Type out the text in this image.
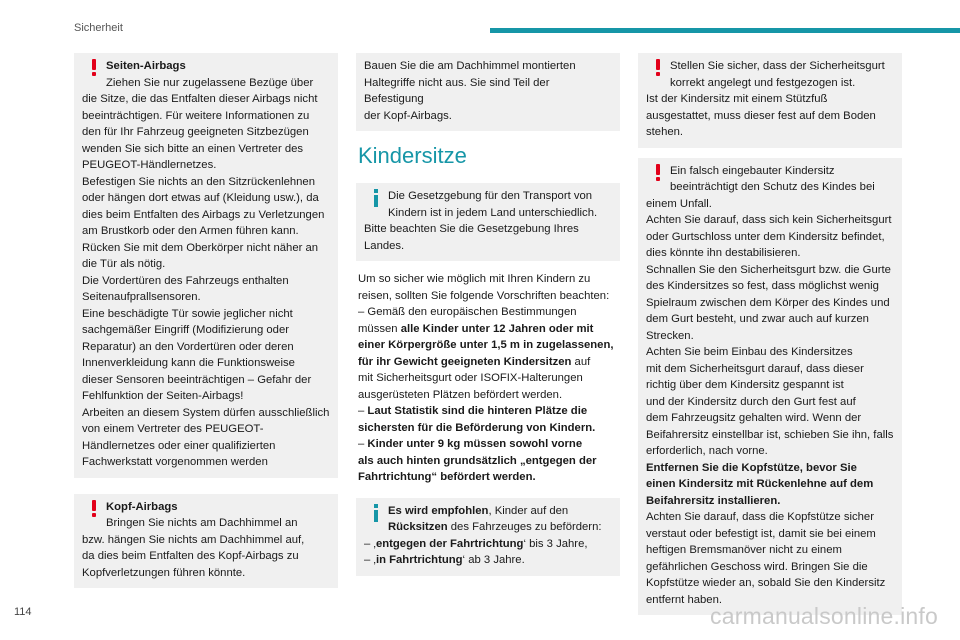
Sicherheit
Seiten-Airbags
Ziehen Sie nur zugelassene Bezüge über
die Sitze, die das Entfalten dieser Airbags nicht
beeinträchtigen. Für weitere Informationen zu
den für Ihr Fahrzeug geeigneten Sitzbezügen
wenden Sie sich bitte an einen Vertreter des
PEUGEOT-Händlernetzes.
Befestigen Sie nichts an den Sitzrückenlehnen
oder hängen dort etwas auf (Kleidung usw.), da
dies beim Entfalten des Airbags zu Verletzungen
am Brustkorb oder den Armen führen kann.
Rücken Sie mit dem Oberkörper nicht näher an
die Tür als nötig.
Die Vordertüren des Fahrzeugs enthalten
Seitenaufprallsensoren.
Eine beschädigte Tür sowie jeglicher nicht
sachgemäßer Eingriff (Modifizierung oder
Reparatur) an den Vordertüren oder deren
Innenverkleidung kann die Funktionsweise
dieser Sensoren beeinträchtigen – Gefahr der
Fehlfunktion der Seiten-Airbags!
Arbeiten an diesem System dürfen ausschließlich
von einem Vertreter des PEUGEOT-
Händlernetzes oder einer qualifizierten
Fachwerkstatt vorgenommen werden
Kopf-Airbags
Bringen Sie nichts am Dachhimmel an
bzw. hängen Sie nichts am Dachhimmel auf,
da dies beim Entfalten des Kopf-Airbags zu
Kopfverletzungen führen könnte.
Bauen Sie die am Dachhimmel montierten
Haltegriffe nicht aus. Sie sind Teil der Befestigung
der Kopf-Airbags.
Kindersitze
Die Gesetzgebung für den Transport von
Kindern ist in jedem Land unterschiedlich.
Bitte beachten Sie die Gesetzgebung Ihres
Landes.
Um so sicher wie möglich mit Ihren Kindern zu
reisen, sollten Sie folgende Vorschriften beachten:
– Gemäß den europäischen Bestimmungen
müssen alle Kinder unter 12 Jahren oder mit
einer Körpergröße unter 1,5 m in zugelassenen,
für ihr Gewicht geeigneten Kindersitzen auf
mit Sicherheitsgurt oder ISOFIX-Halterungen
ausgerüsteten Plätzen befördert werden.
– Laut Statistik sind die hinteren Plätze die
sichersten für die Beförderung von Kindern.
– Kinder unter 9 kg müssen sowohl vorne
als auch hinten grundsätzlich „entgegen der
Fahrtrichtung“ befördert werden.
Es wird empfohlen, Kinder auf den
Rücksitzen des Fahrzeuges zu befördern:
– ‚entgegen der Fahrtrichtung‘ bis 3 Jahre,
– ‚in Fahrtrichtung‘ ab 3 Jahre.
Stellen Sie sicher, dass der Sicherheitsgurt
korrekt angelegt und festgezogen ist.
Ist der Kindersitz mit einem Stützfuß
ausgestattet, muss dieser fest auf dem Boden
stehen.
Ein falsch eingebauter Kindersitz
beeinträchtigt den Schutz des Kindes bei
einem Unfall.
Achten Sie darauf, dass sich kein Sicherheitsgurt
oder Gurtschloss unter dem Kindersitz befindet,
dies könnte ihn destabilisieren.
Schnallen Sie den Sicherheitsgurt bzw. die Gurte
des Kindersitzes so fest, dass möglichst wenig
Spielraum zwischen dem Körper des Kindes und
dem Gurt besteht, und zwar auch auf kurzen
Strecken.
Achten Sie beim Einbau des Kindersitzes
mit dem Sicherheitsgurt darauf, dass dieser
richtig über dem Kindersitz gespannt ist
und der Kindersitz durch den Gurt fest auf
dem Fahrzeugsitz gehalten wird. Wenn der
Beifahrersitz einstellbar ist, schieben Sie ihn, falls
erforderlich, nach vorne.
Entfernen Sie die Kopfstütze, bevor Sie
einen Kindersitz mit Rückenlehne auf dem
Beifahrersitz installieren.
Achten Sie darauf, dass die Kopfstütze sicher
verstaut oder befestigt ist, damit sie bei einem
heftigen Bremsmanöver nicht zu einem
gefährlichen Geschoss wird. Bringen Sie die
Kopfstütze wieder an, sobald Sie den Kindersitz
entfernt haben.
114	carmanualsonline.info
